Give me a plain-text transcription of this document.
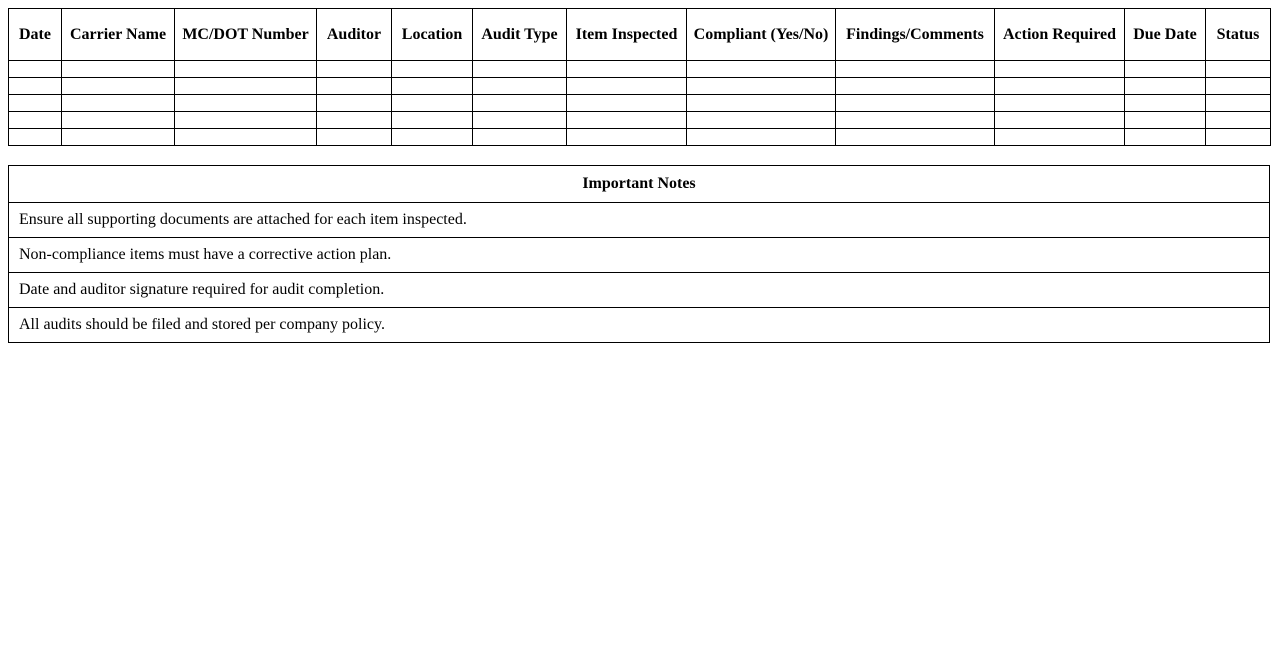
Date	Carrier Name	MC/DOT Number	Auditor	Location	Audit Type	Item Inspected	Compliant (Yes/No)	Findings/Comments	Action Required	Due Date	Status

Important Notes
Ensure all supporting documents are attached for each item inspected.
Non-compliance items must have a corrective action plan.
Date and auditor signature required for audit completion.
All audits should be filed and stored per company policy.
